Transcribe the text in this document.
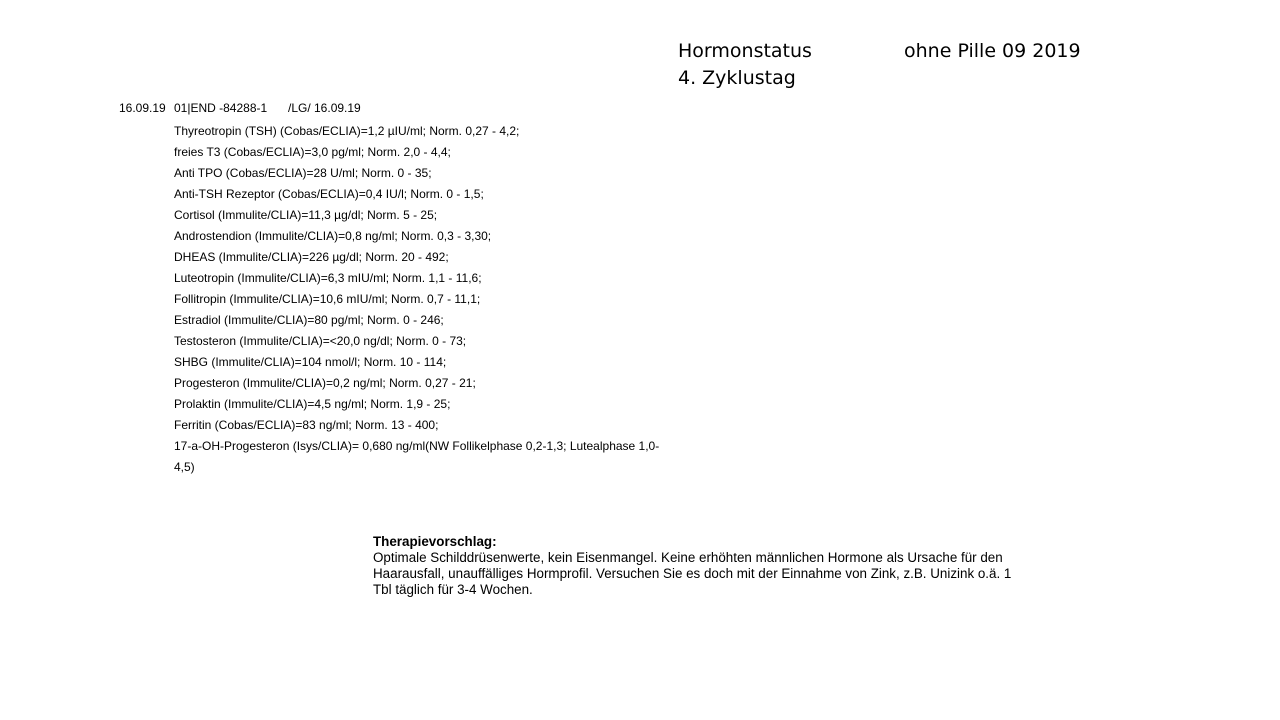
Hormonstatus
4. Zyklustag
ohne Pille 09 2019
16.09.19 01|END -84288-1 /LG/ 16.09.19
Thyreotropin (TSH) (Cobas/ECLIA)=1,2 µIU/ml; Norm. 0,27 - 4,2;
freies T3 (Cobas/ECLIA)=3,0 pg/ml; Norm. 2,0 - 4,4;
Anti TPO (Cobas/ECLIA)=28 U/ml; Norm. 0 - 35;
Anti-TSH Rezeptor (Cobas/ECLIA)=0,4 IU/l; Norm. 0 - 1,5;
Cortisol (Immulite/CLIA)=11,3 µg/dl; Norm. 5 - 25;
Androstendion (Immulite/CLIA)=0,8 ng/ml; Norm. 0,3 - 3,30;
DHEAS (Immulite/CLIA)=226 µg/dl; Norm. 20 - 492;
Luteotropin (Immulite/CLIA)=6,3 mIU/ml; Norm. 1,1 - 11,6;
Follitropin (Immulite/CLIA)=10,6 mIU/ml; Norm. 0,7 - 11,1;
Estradiol (Immulite/CLIA)=80 pg/ml; Norm. 0 - 246;
Testosteron (Immulite/CLIA)=<20,0 ng/dl; Norm. 0 - 73;
SHBG (Immulite/CLIA)=104 nmol/l; Norm. 10 - 114;
Progesteron (Immulite/CLIA)=0,2 ng/ml; Norm. 0,27 - 21;
Prolaktin (Immulite/CLIA)=4,5 ng/ml; Norm. 1,9 - 25;
Ferritin (Cobas/ECLIA)=83 ng/ml; Norm. 13 - 400;
17-a-OH-Progesteron (Isys/CLIA)= 0,680 ng/ml(NW Follikelphase 0,2-1,3; Lutealphase 1,0-4,5)
Therapievorschlag:
Optimale Schilddrüsenwerte, kein Eisenmangel. Keine erhöhten männlichen Hormone als Ursache für den Haarausfall, unauffälliges Hormprofil. Versuchen Sie es doch mit der Einnahme von Zink, z.B. Unizink o.ä. 1 Tbl täglich für 3-4 Wochen.
